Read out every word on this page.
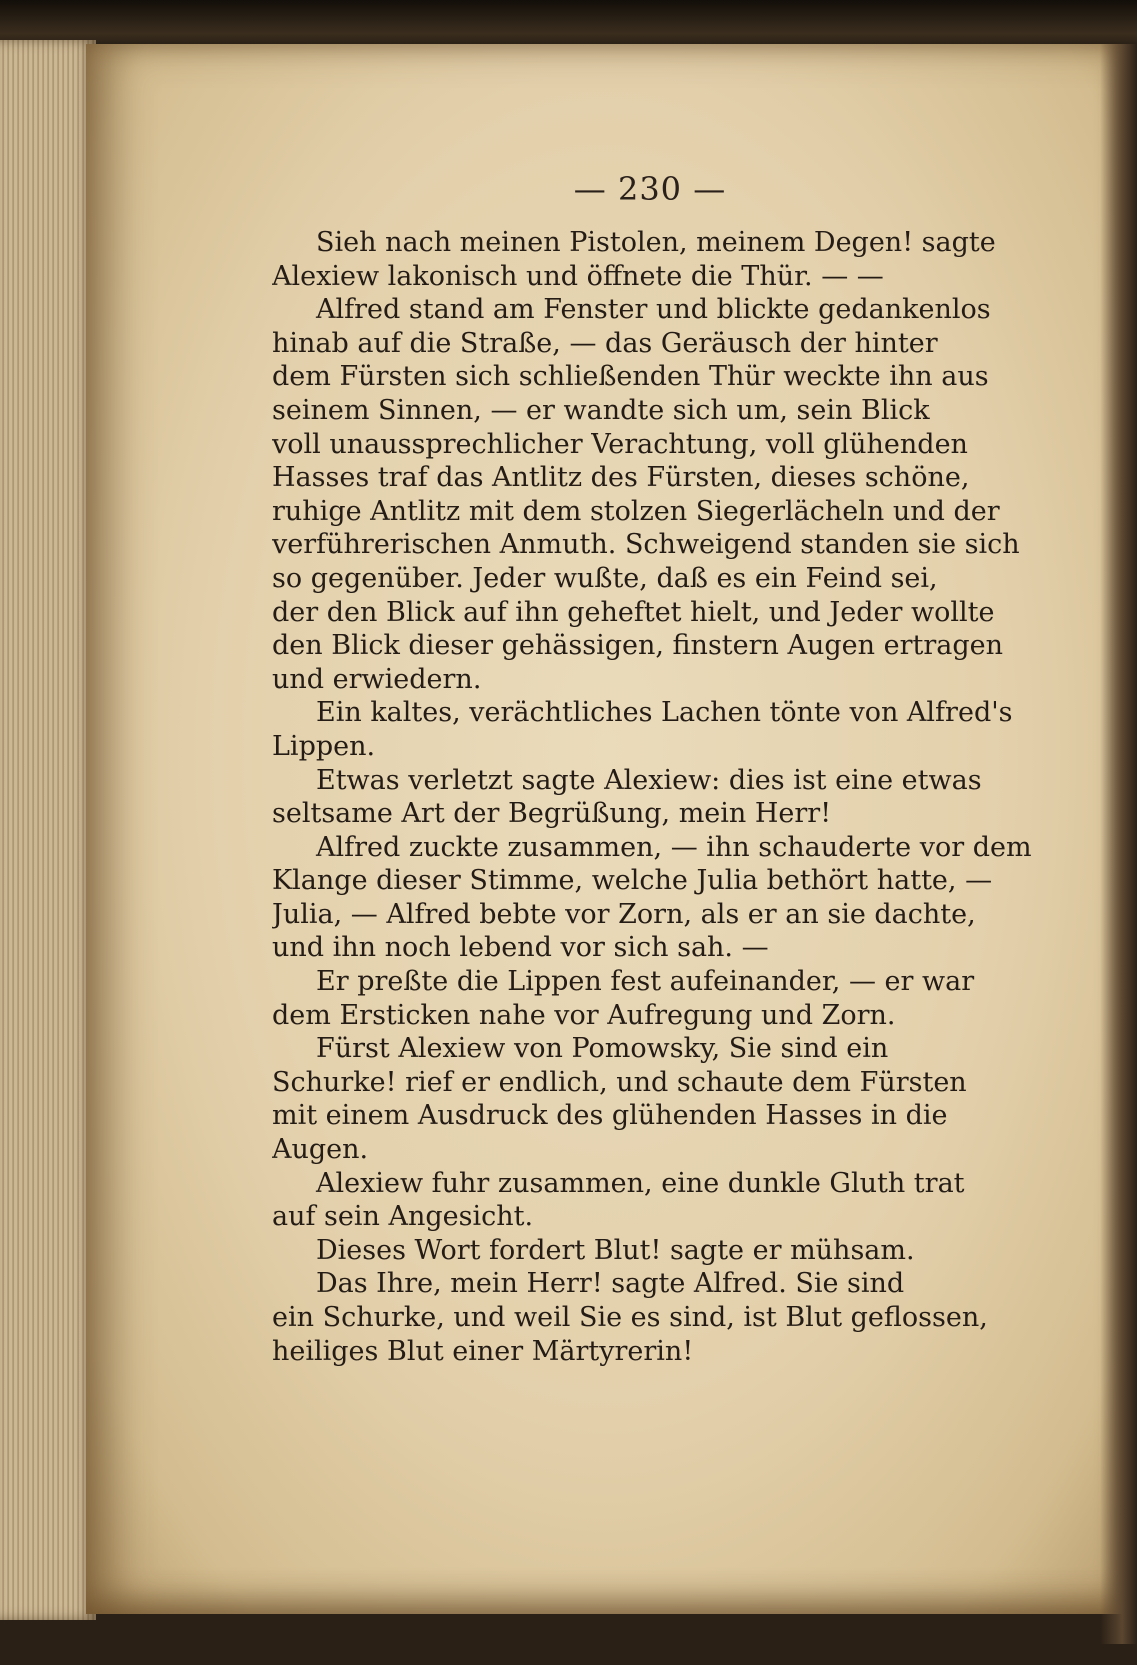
— 230 —
Sieh nach meinen Pistolen, meinem Degen! sagte
Alexiew lakonisch und öffnete die Thür. — —
Alfred stand am Fenster und blickte gedankenlos
hinab auf die Straße, — das Geräusch der hinter
dem Fürsten sich schließenden Thür weckte ihn aus
seinem Sinnen, — er wandte sich um, sein Blick
voll unaussprechlicher Verachtung, voll glühenden
Hasses traf das Antlitz des Fürsten, dieses schöne,
ruhige Antlitz mit dem stolzen Siegerlächeln und der
verführerischen Anmuth. Schweigend standen sie sich
so gegenüber. Jeder wußte, daß es ein Feind sei,
der den Blick auf ihn geheftet hielt, und Jeder wollte
den Blick dieser gehässigen, finstern Augen ertragen
und erwiedern.
Ein kaltes, verächtliches Lachen tönte von Alfred's
Lippen.
Etwas verletzt sagte Alexiew: dies ist eine etwas
seltsame Art der Begrüßung, mein Herr!
Alfred zuckte zusammen, — ihn schauderte vor dem
Klange dieser Stimme, welche Julia bethört hatte, —
Julia, — Alfred bebte vor Zorn, als er an sie dachte,
und ihn noch lebend vor sich sah. —
Er preßte die Lippen fest aufeinander, — er war
dem Ersticken nahe vor Aufregung und Zorn.
Fürst Alexiew von Pomowsky, Sie sind ein
Schurke! rief er endlich, und schaute dem Fürsten
mit einem Ausdruck des glühenden Hasses in die
Augen.
Alexiew fuhr zusammen, eine dunkle Gluth trat
auf sein Angesicht.
Dieses Wort fordert Blut! sagte er mühsam.
Das Ihre, mein Herr! sagte Alfred. Sie sind
ein Schurke, und weil Sie es sind, ist Blut geflossen,
heiliges Blut einer Märtyrerin!
